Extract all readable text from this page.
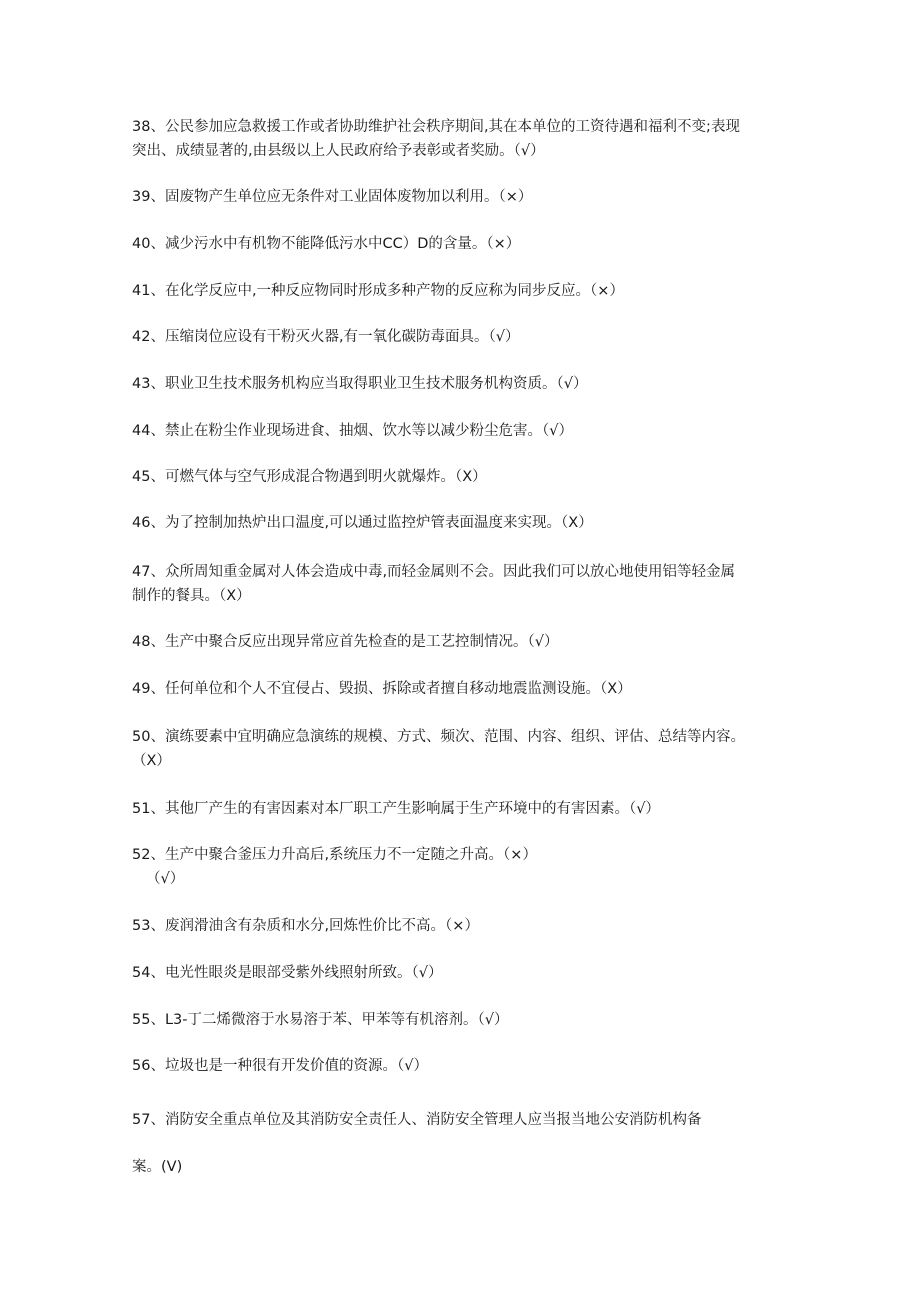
38、公民参加应急救援工作或者协助维护社会秩序期间,其在本单位的工资待遇和福利不变;表现
突出、成绩显著的,由县级以上人民政府给予表彰或者奖励。（√）

39、固废物产生单位应无条件对工业固体废物加以利用。（×）

40、减少污水中有机物不能降低污水中CC）D的含量。（×）

41、在化学反应中,一种反应物同时形成多种产物的反应称为同步反应。（×）

42、压缩岗位应设有干粉灭火器,有一氧化碳防毒面具。（√）

43、职业卫生技术服务机构应当取得职业卫生技术服务机构资质。（√）

44、禁止在粉尘作业现场进食、抽烟、饮水等以减少粉尘危害。（√）

45、可燃气体与空气形成混合物遇到明火就爆炸。（X）

46、为了控制加热炉出口温度,可以通过监控炉管表面温度来实现。（X）

47、众所周知重金属对人体会造成中毒,而轻金属则不会。因此我们可以放心地使用铝等轻金属
制作的餐具。（X）

48、生产中聚合反应出现异常应首先检查的是工艺控制情况。（√）

49、任何单位和个人不宜侵占、毁损、拆除或者擅自移动地震监测设施。（X）

50、演练要素中宜明确应急演练的规模、方式、频次、范围、内容、组织、评估、总结等内容。
（X）

51、其他厂产生的有害因素对本厂职工产生影响属于生产环境中的有害因素。（√）

52、生产中聚合釜压力升高后,系统压力不一定随之升高。（×）
（√）

53、废润滑油含有杂质和水分,回炼性价比不高。（×）

54、电光性眼炎是眼部受紫外线照射所致。（√）

55、L3-丁二烯微溶于水易溶于苯、甲苯等有机溶剂。（√）

56、垃圾也是一种很有开发价值的资源。（√）

57、消防安全重点单位及其消防安全责任人、消防安全管理人应当报当地公安消防机构备

案。(V)
